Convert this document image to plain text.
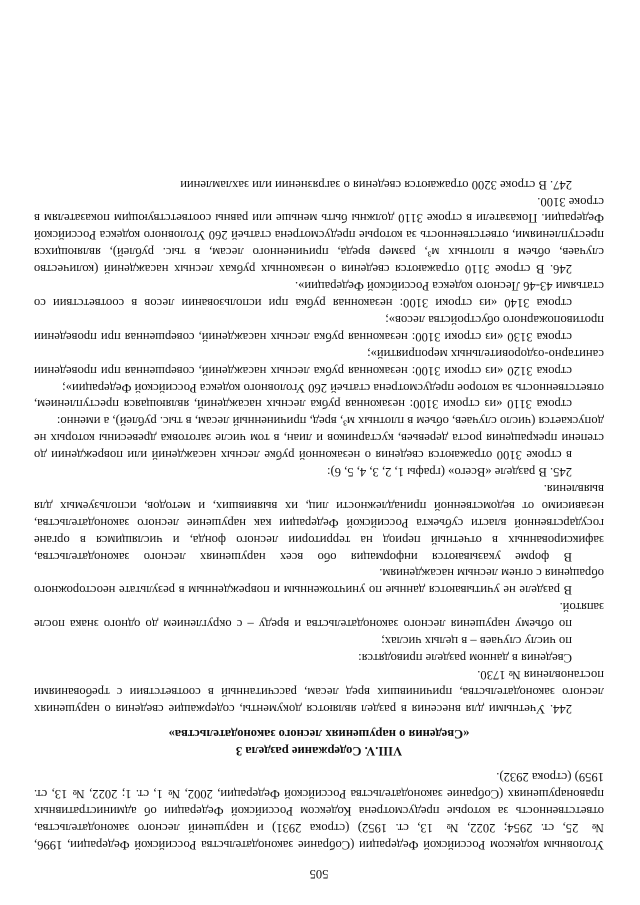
505

Уголовным кодексом Российской Федерации (Собрание законодательства Российской Федерации, 1996, № 25, ст. 2954; 2022, № 13, ст. 1952) (строка 2931) и нарушений лесного законодательства, ответственность за которые предусмотрена Кодексом Российской Федерации об административных правонарушениях (Собрание законодательства Российской Федерации, 2002, № 1, ст. 1; 2022, № 13, ст. 1959) (строка 2932).

VIII.V. Содержание раздела 3
«Сведения о нарушениях лесного законодательства»

244. Учетными для внесения в раздел являются документы, содержащие сведения о нарушениях лесного законодательства, причинивших вред лесам, рассчитанный в соответствии с требованиями постановления № 1730.

Сведения в данном разделе приводятся:

по числу случаев – в целых числах;

по объему нарушения лесного законодательства и вреду – с округлением до одного знака после запятой.

В разделе не учитываются данные по уничтоженным и поврежденным в результате неосторожного обращения с огнем лесным насаждениям.

В форме указываются информация обо всех нарушениях лесного законодательства, зафиксированных в отчетный период на территории лесного фонда, и числящимся в органе государственной власти субъекта Российской Федерации как нарушение лесного законодательства, независимо от ведомственной принадлежности лиц, их выявивших, и методов, используемых для выявления.

245. В разделе «Всего» (графы 1, 2, 3, 4, 5, 6):

в строке 3100 отражаются сведения о незаконной рубке лесных насаждений или повреждении до степени прекращения роста деревьев, кустарников и лиан, в том числе заготовка древесины которых не допускается (число случаев, объем в плотных м³, вред, причиненный лесам, в тыс. рублей), а именно:

строка 3110 «из строки 3100: незаконная рубка лесных насаждений, являющаяся преступлением, ответственность за которое предусмотрена статьей 260 Уголовного кодекса Российской Федерации»;

строка 3120 «из строки 3100: незаконная рубка лесных насаждений, совершенная при проведении санитарно-оздоровительных мероприятий»;

строка 3130 «из строки 3100: незаконная рубка лесных насаждений, совершенная при проведении противопожарного обустройства лесов»;

строка 3140 «из строки 3100: незаконная рубка при использовании лесов в соответствии со статьями 43-46 Лесного кодекса Российской Федерации».

246. В строке 3110 отражаются сведения о незаконных рубках лесных насаждений (количество случаев, объем в плотных м³, размер вреда, причиненного лесам, в тыс. рублей), являющихся преступлениями, ответственность за которые предусмотрена статьей 260 Уголовного кодекса Российской Федерации. Показатели в строке 3110 должны быть меньше или равны соответствующим показателям в строке 3100.

247. В строке 3200 отражаются сведения о загрязнении или захламлении
